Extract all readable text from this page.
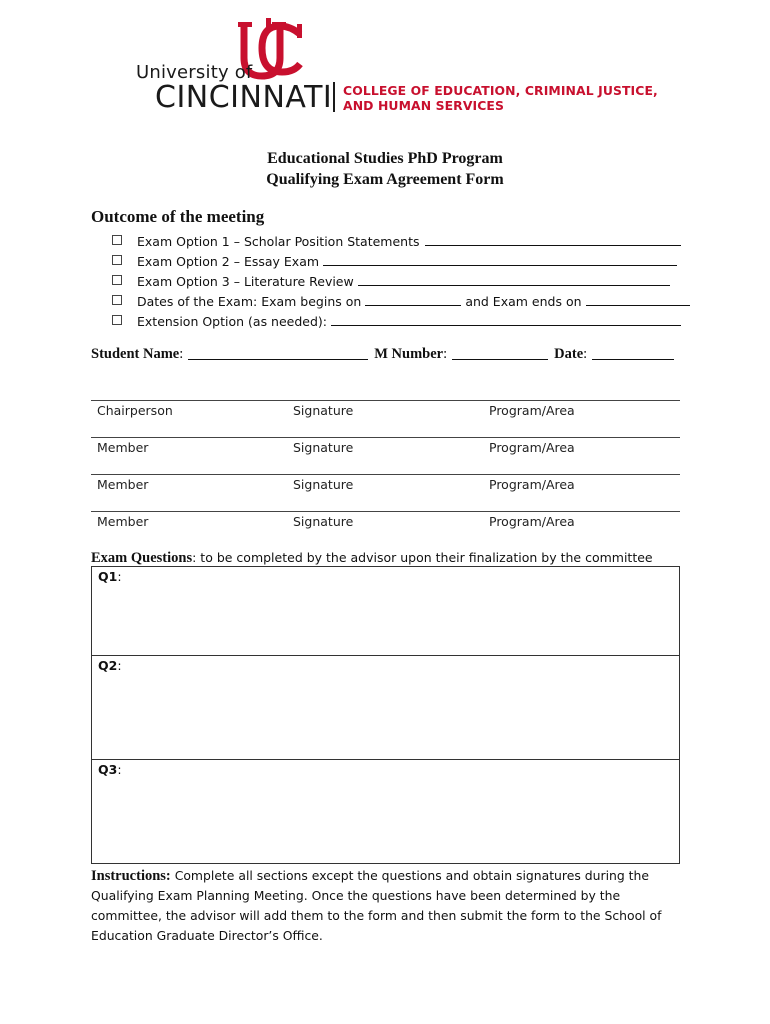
University of
CINCINNATI COLLEGE OF EDUCATION, CRIMINAL JUSTICE,
AND HUMAN SERVICES
Educational Studies PhD Program
Qualifying Exam Agreement Form
Outcome of the meeting
Exam Option 1 – Scholar Position Statements
Exam Option 2 – Essay Exam
Exam Option 3 – Literature Review
Dates of the Exam: Exam begins on	and Exam ends on
Extension Option (as needed):
Student Name :	M Number :	Date :
Chairperson	Signature	Program/Area
Member	Signature	Program/Area
Member	Signature	Program/Area
Member	Signature	Program/Area
Exam Questions: to be completed by the advisor upon their finalization by the committee
Q1:
Q2:
Q3:
Instructions: Complete all sections except the questions and obtain signatures during the Qualifying Exam Planning Meeting. Once the questions have been determined by the committee, the advisor will add them to the form and then submit the form to the School of Education Graduate Director’s Office.
